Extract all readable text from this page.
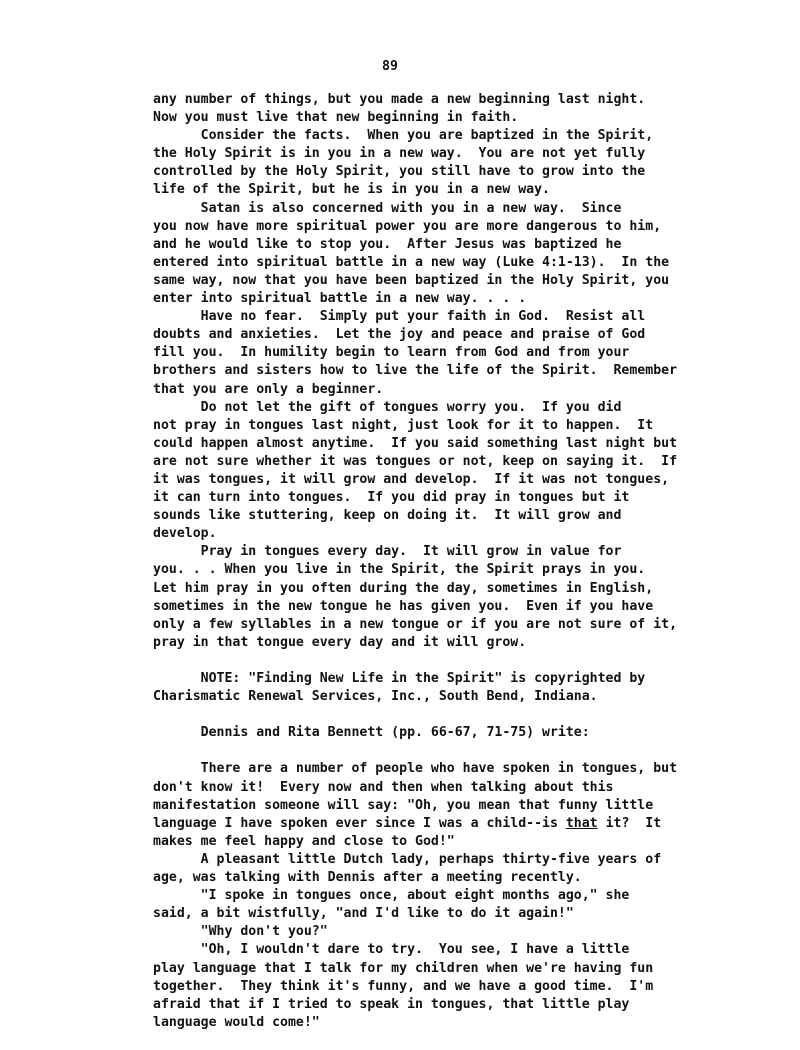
89
any number of things, but you made a new beginning last night.
Now you must live that new beginning in faith.
Consider the facts.  When you are baptized in the Spirit,
the Holy Spirit is in you in a new way.  You are not yet fully
controlled by the Holy Spirit, you still have to grow into the
life of the Spirit, but he is in you in a new way.
Satan is also concerned with you in a new way.  Since
you now have more spiritual power you are more dangerous to him,
and he would like to stop you.  After Jesus was baptized he
entered into spiritual battle in a new way (Luke 4:1-13).  In the
same way, now that you have been baptized in the Holy Spirit, you
enter into spiritual battle in a new way. . . .
Have no fear.  Simply put your faith in God.  Resist all
doubts and anxieties.  Let the joy and peace and praise of God
fill you.  In humility begin to learn from God and from your
brothers and sisters how to live the life of the Spirit.  Remember
that you are only a beginner.
Do not let the gift of tongues worry you.  If you did
not pray in tongues last night, just look for it to happen.  It
could happen almost anytime.  If you said something last night but
are not sure whether it was tongues or not, keep on saying it.  If
it was tongues, it will grow and develop.  If it was not tongues,
it can turn into tongues.  If you did pray in tongues but it
sounds like stuttering, keep on doing it.  It will grow and
develop.
Pray in tongues every day.  It will grow in value for
you. . . When you live in the Spirit, the Spirit prays in you.
Let him pray in you often during the day, sometimes in English,
sometimes in the new tongue he has given you.  Even if you have
only a few syllables in a new tongue or if you are not sure of it,
pray in that tongue every day and it will grow.
NOTE: "Finding New Life in the Spirit" is copyrighted by
Charismatic Renewal Services, Inc., South Bend, Indiana.
Dennis and Rita Bennett (pp. 66-67, 71-75) write:
There are a number of people who have spoken in tongues, but
don't know it!  Every now and then when talking about this
manifestation someone will say: "Oh, you mean that funny little
language I have spoken ever since I was a child--is that it?  It
makes me feel happy and close to God!"
A pleasant little Dutch lady, perhaps thirty-five years of
age, was talking with Dennis after a meeting recently.
"I spoke in tongues once, about eight months ago," she
said, a bit wistfully, "and I'd like to do it again!"
"Why don't you?"
"Oh, I wouldn't dare to try.  You see, I have a little
play language that I talk for my children when we're having fun
together.  They think it's funny, and we have a good time.  I'm
afraid that if I tried to speak in tongues, that little play
language would come!"
